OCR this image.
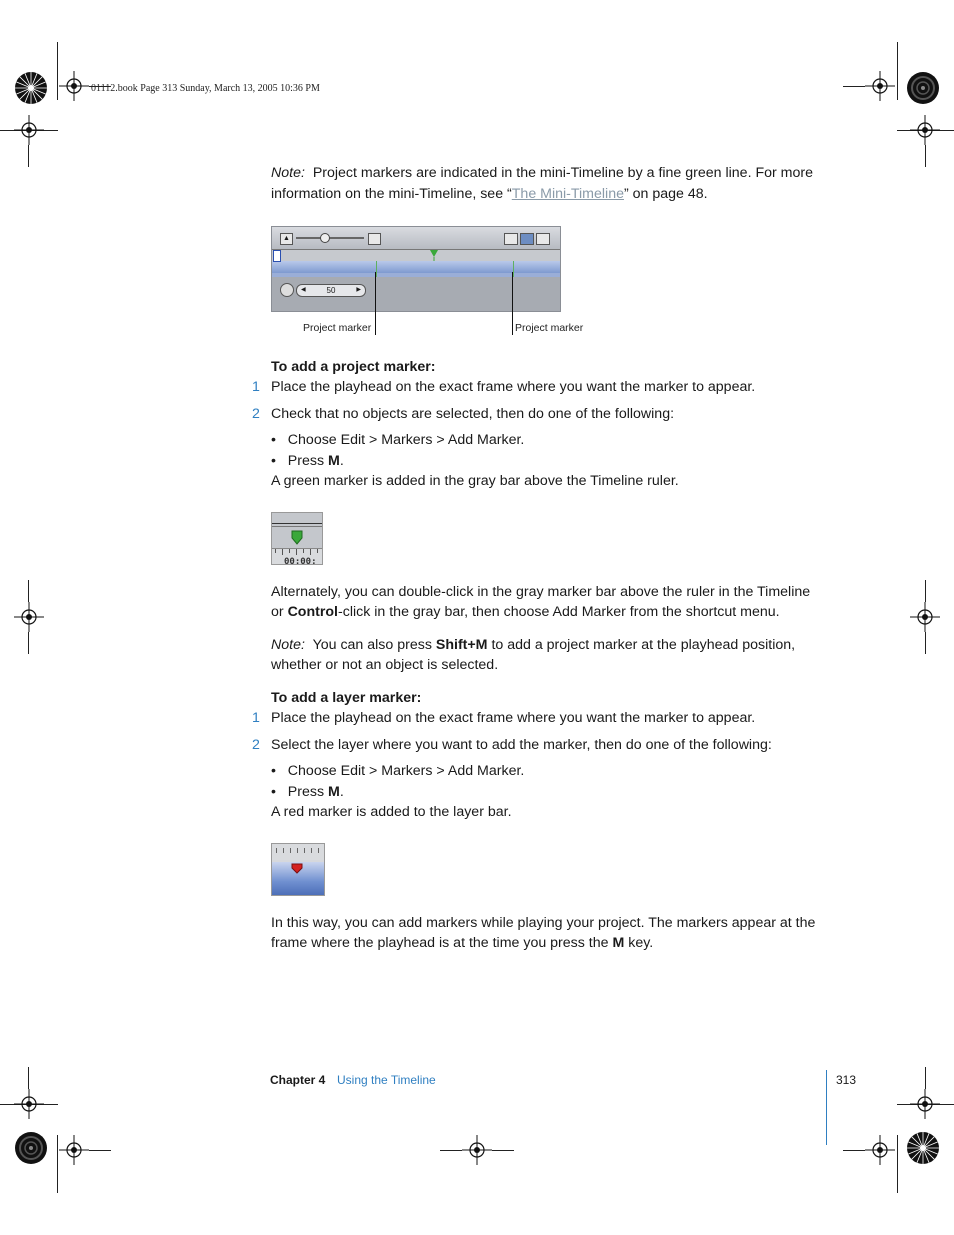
01112.book Page 313 Sunday, March 13, 2005 10:36 PM
Note: Project markers are indicated in the mini-Timeline by a fine green line. For more
information on the mini-Timeline, see “The Mini-Timeline” on page 48.
▲
◀	50	▶
Project marker	Project marker
To add a project marker:
1 Place the playhead on the exact frame where you want the marker to appear.
2 Check that no objects are selected, then do one of the following:
•   Choose Edit > Markers > Add Marker.
•   Press M.
A green marker is added in the gray bar above the Timeline ruler.
00:00:
Alternately, you can double-click in the gray marker bar above the ruler in the Timeline
or Control-click in the gray bar, then choose Add Marker from the shortcut menu.
Note: You can also press Shift+M to add a project marker at the playhead position,
whether or not an object is selected.
To add a layer marker:
1 Place the playhead on the exact frame where you want the marker to appear.
2 Select the layer where you want to add the marker, then do one of the following:
•   Choose Edit > Markers > Add Marker.
•   Press M.
A red marker is added to the layer bar.
In this way, you can add markers while playing your project. The markers appear at the
frame where the playhead is at the time you press the M key.
Chapter 4 Using the Timeline	313
